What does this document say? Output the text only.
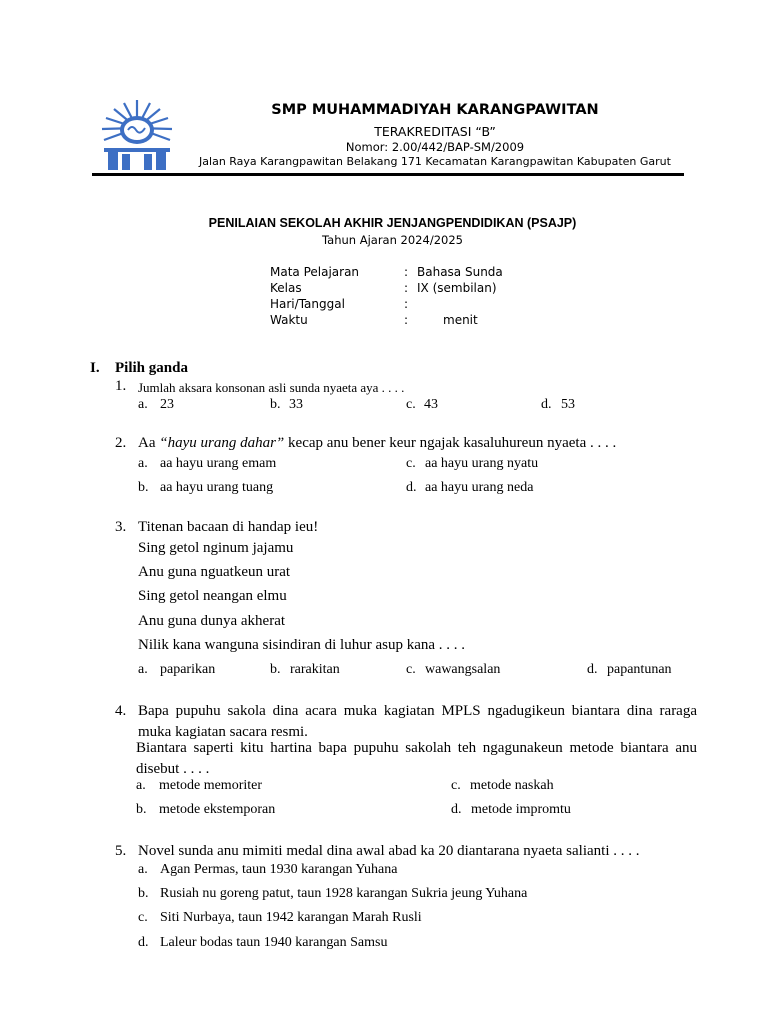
SMP MUHAMMADIYAH KARANGPAWITAN
TERAKREDITASI “B”
Nomor: 2.00/442/BAP-SM/2009
Jalan Raya Karangpawitan Belakang 171 Kecamatan Karangpawitan Kabupaten Garut
PENILAIAN SEKOLAH AKHIR JENJANGPENDIDIKAN (PSAJP)
Tahun Ajaran 2024/2025
Mata Pelajaran	: Bahasa Sunda
Kelas	: IX (sembilan)
Hari/Tanggal	:
Waktu	:	menit
I. Pilih ganda
1. Jumlah aksara konsonan asli sunda nyaeta aya . . . .
a. 23	b. 33	c. 43	d. 53
2. Aa “hayu urang dahar” kecap anu bener keur ngajak kasaluhureun nyaeta . . . .
a. aa hayu urang emam
b. aa hayu urang tuang
c. aa hayu urang nyatu
d. aa hayu urang neda
3. Titenan bacaan di handap ieu!
Sing getol nginum jajamu
Anu guna nguatkeun urat
Sing getol neangan elmu
Anu guna dunya akherat
Nilik kana wanguna sisindiran di luhur asup kana . . . .
a. paparikan	b. rarakitan	c. wawangsalan	d. papantunan
4. Bapa pupuhu sakola dina acara muka kagiatan MPLS ngadugikeun biantara dina raraga muka kagiatan sacara resmi.
Biantara saperti kitu hartina bapa pupuhu sakolah teh ngagunakeun metode biantara anu disebut . . . .
a. metode memoriter
b. metode ekstemporan
c. metode naskah
d. metode impromtu
5. Novel sunda anu mimiti medal dina awal abad ka 20 diantarana nyaeta salianti . . . .
a. Agan Permas, taun 1930 karangan Yuhana
b. Rusiah nu goreng patut, taun 1928 karangan Sukria jeung Yuhana
c. Siti Nurbaya, taun 1942 karangan Marah Rusli
d. Laleur bodas taun 1940 karangan Samsu
